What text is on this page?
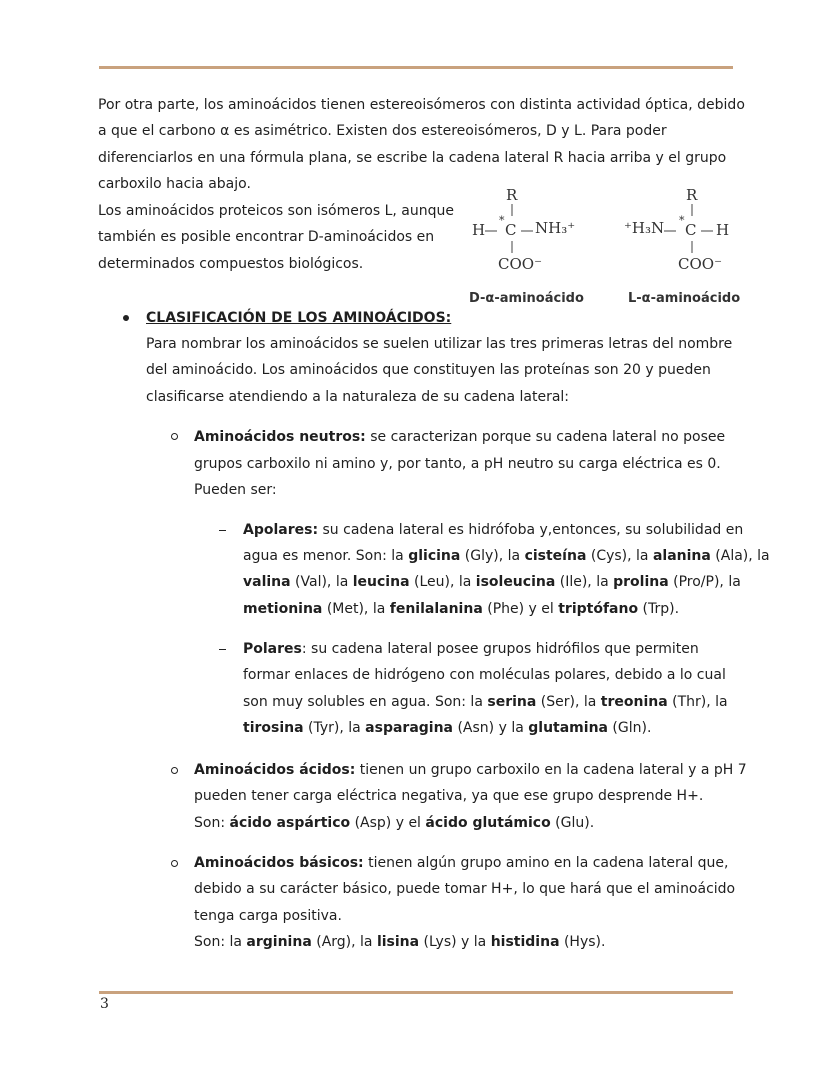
Por otra parte, los aminoácidos tienen estereoisómeros con distinta actividad óptica, debido
a que el carbono α es asimétrico. Existen dos estereoisómeros, D y L. Para poder
diferenciarlos en una fórmula plana, se escribe la cadena lateral R hacia arriba y el grupo
carboxilo hacia abajo.
Los aminoácidos proteicos son isómeros L, aunque
también es posible encontrar D-aminoácidos en
determinados compuestos biológicos.
R
H
*
C NH₃⁺
COO⁻
D-α-aminoácido
R
⁺H₃N *
C H
COO⁻
L-α-aminoácido
CLASIFICACIÓN DE LOS AMINOÁCIDOS:
Para nombrar los aminoácidos se suelen utilizar las tres primeras letras del nombre
del aminoácido. Los aminoácidos que constituyen las proteínas son 20 y pueden
clasificarse atendiendo a la naturaleza de su cadena lateral:
Aminoácidos neutros: se caracterizan porque su cadena lateral no posee
grupos carboxilo ni amino y, por tanto, a pH neutro su carga eléctrica es 0.
Pueden ser:
Apolares: su cadena lateral es hidrófoba y,entonces, su solubilidad en
agua es menor. Son: la glicina (Gly), la cisteína (Cys), la alanina (Ala), la
valina (Val), la leucina (Leu), la isoleucina (Ile), la prolina (Pro/P), la
metionina (Met), la fenilalanina (Phe) y el triptófano (Trp).
Polares: su cadena lateral posee grupos hidrófilos que permiten
formar enlaces de hidrógeno con moléculas polares, debido a lo cual
son muy solubles en agua. Son: la serina (Ser), la treonina (Thr), la
tirosina (Tyr), la asparagina (Asn) y la glutamina (Gln).
Aminoácidos ácidos: tienen un grupo carboxilo en la cadena lateral y a pH 7
pueden tener carga eléctrica negativa, ya que ese grupo desprende H+.
Son: ácido aspártico (Asp) y el ácido glutámico (Glu).
Aminoácidos básicos: tienen algún grupo amino en la cadena lateral que,
debido a su carácter básico, puede tomar H+, lo que hará que el aminoácido
tenga carga positiva.
Son: la arginina (Arg), la lisina (Lys) y la histidina (Hys).
3
